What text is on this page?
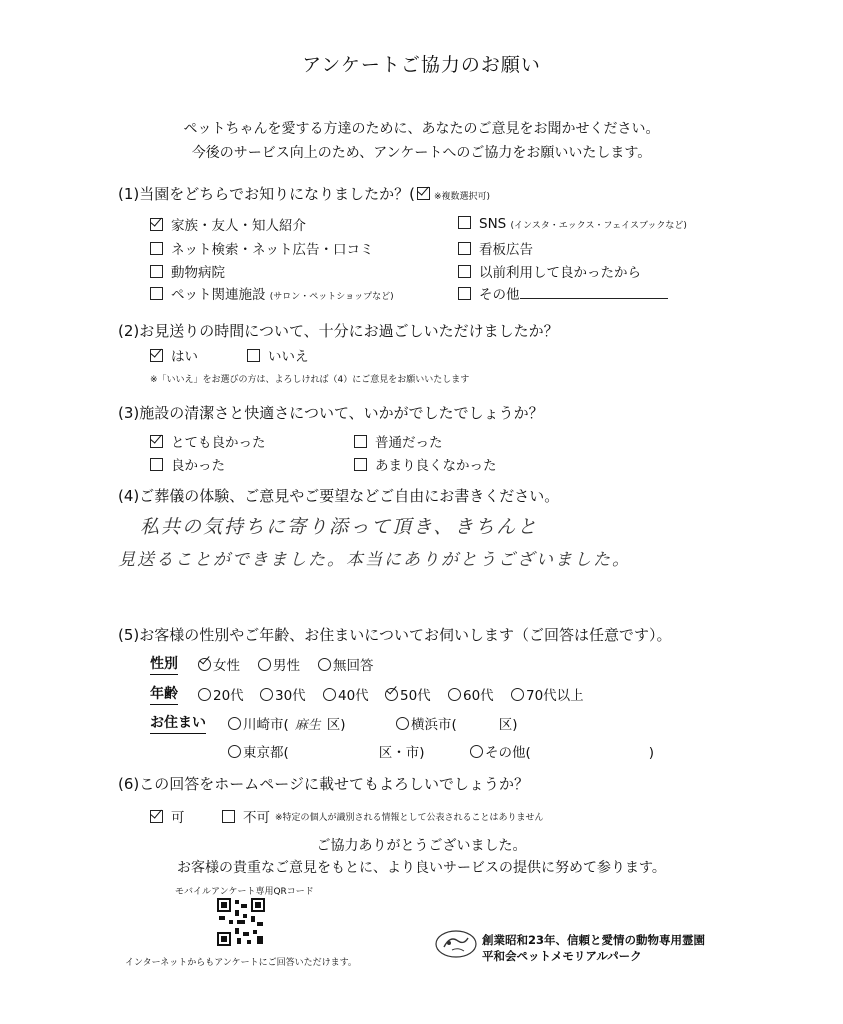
アンケートご協力のお願い
ペットちゃんを愛する方達のために、あなたのご意見をお聞かせください。
今後のサービス向上のため、アンケートへのご協力をお願いいたします。
(1)当園をどちらでお知りになりましたか？( ※複数選択可)
家族・友人・知人紹介
ネット検索・ネット広告・口コミ
動物病院
ペット関連施設 (サロン・ペットショップなど)
SNS (インスタ・エックス・フェイスブックなど)
看板広告
以前利用して良かったから
その他
(2)お見送りの時間について、十分にお過ごしいただけましたか？
はい	いいえ
※「いいえ」をお選びの方は、よろしければ（4）にご意見をお願いいたします
(3)施設の清潔さと快適さについて、いかがでしたでしょうか？
とても良かった	普通だった
良かった	あまり良くなかった
(4)ご葬儀の体験、ご意見やご要望などご自由にお書きください。
私共の気持ちに寄り添って頂き、きちんと
見送ることができました。本当にありがとうございました。
(5)お客様の性別やご年齢、お住まいについてお伺いします（ご回答は任意です）。
性別	女性	男性	無回答
年齢	20代	30代	40代	50代	60代	70代以上
お住まい	川崎市( 麻生 区)	横浜市(	区)
東京都(	区・市)	その他(	)
(6)この回答をホームページに載せてもよろしいでしょうか？
可	不可 ※特定の個人が識別される情報として公表されることはありません
ご協力ありがとうございました。
お客様の貴重なご意見をもとに、より良いサービスの提供に努めて参ります。
モバイルアンケート専用QRコード
インターネットからもアンケートにご回答いただけます。
創業昭和23年、信頼と愛情の動物専用霊園
平和会ペットメモリアルパーク
